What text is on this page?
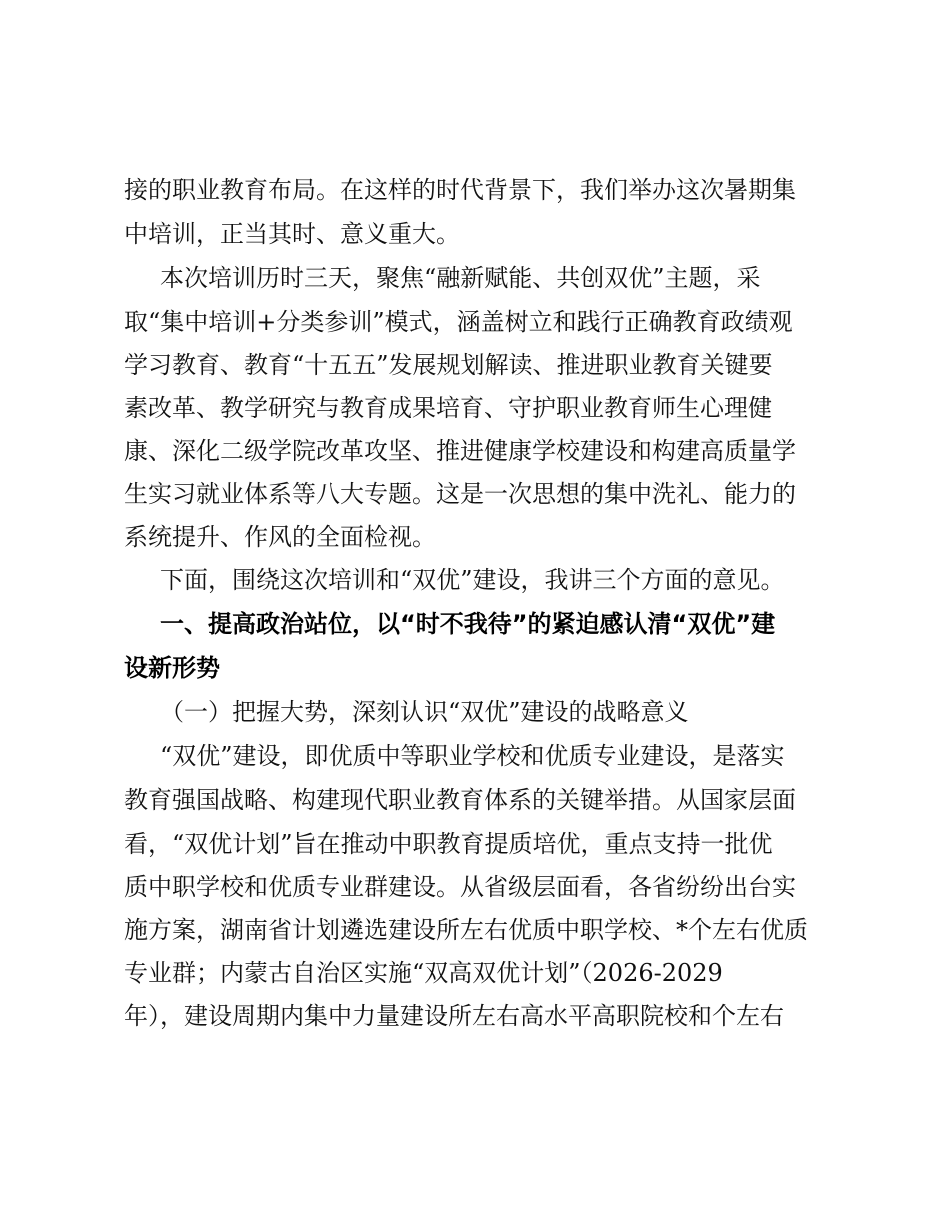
接的职业教育布局。在这样的时代背景下，我们举办这次暑期集
中培训，正当其时、意义重大。
本次培训历时三天，聚焦“融新赋能、共创双优”主题，采
取“集中培训+分类参训”模式，涵盖树立和践行正确教育政绩观
学习教育、教育“十五五”发展规划解读、推进职业教育关键要
素改革、教学研究与教育成果培育、守护职业教育师生心理健
康、深化二级学院改革攻坚、推进健康学校建设和构建高质量学
生实习就业体系等八大专题。这是一次思想的集中洗礼、能力的
系统提升、作风的全面检视。
下面，围绕这次培训和“双优”建设，我讲三个方面的意见。
一、提高政治站位，以“时不我待”的紧迫感认清“双优”建
设新形势
（一）把握大势，深刻认识“双优”建设的战略意义
“双优”建设，即优质中等职业学校和优质专业建设，是落实
教育强国战略、构建现代职业教育体系的关键举措。从国家层面
看，“双优计划”旨在推动中职教育提质培优，重点支持一批优
质中职学校和优质专业群建设。从省级层面看，各省纷纷出台实
施方案，湖南省计划遴选建设所左右优质中职学校、*个左右优质
专业群；内蒙古自治区实施“双高双优计划”（2026-2029
年），建设周期内集中力量建设所左右高水平高职院校和个左右
